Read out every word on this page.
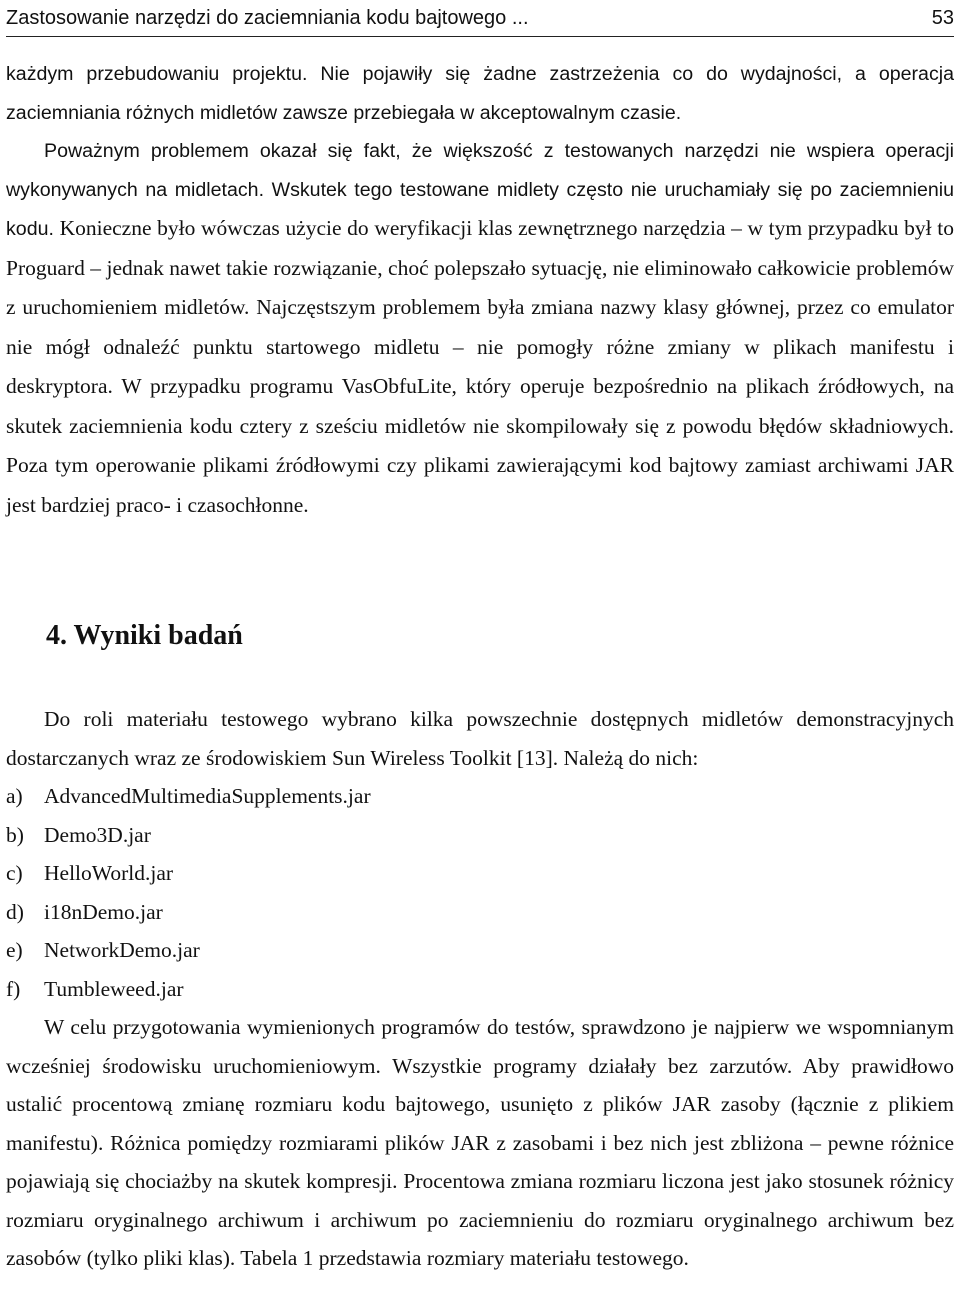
Zastosowanie narzędzi do zaciemniania kodu bajtowego ...	53

każdym przebudowaniu projektu. Nie pojawiły się żadne zastrzeżenia co do wydajności, a operacja zaciemniania różnych midletów zawsze przebiegała w akceptowalnym czasie.

Poważnym problemem okazał się fakt, że większość z testowanych narzędzi nie wspiera operacji wykonywanych na midletach. Wskutek tego testowane midlety często nie uruchamiały się po zaciemnieniu kodu. Konieczne było wówczas użycie do weryfikacji klas zewnętrznego narzędzia – w tym przypadku był to Proguard – jednak nawet takie rozwiązanie, choć polepszało sytuację, nie eliminowało całkowicie problemów z uruchomieniem midletów. Najczęstszym problemem była zmiana nazwy klasy głównej, przez co emulator nie mógł odnaleźć punktu startowego midletu – nie pomogły różne zmiany w plikach manifestu i deskryptora. W przypadku programu VasObfuLite, który operuje bezpośrednio na plikach źródłowych, na skutek zaciemnienia kodu cztery z sześciu midletów nie skompilowały się z powodu błędów składniowych. Poza tym operowanie plikami źródłowymi czy plikami zawierającymi kod bajtowy zamiast archiwami JAR jest bardziej praco- i czasochłonne.

4. Wyniki badań

Do roli materiału testowego wybrano kilka powszechnie dostępnych midletów demonstracyjnych dostarczanych wraz ze środowiskiem Sun Wireless Toolkit [13]. Należą do nich:

a) AdvancedMultimediaSupplements.jar
b) Demo3D.jar
c) HelloWorld.jar
d) i18nDemo.jar
e) NetworkDemo.jar
f)	Tumbleweed.jar

W celu przygotowania wymienionych programów do testów, sprawdzono je najpierw we wspomnianym wcześniej środowisku uruchomieniowym. Wszystkie programy działały bez zarzutów. Aby prawidłowo ustalić procentową zmianę rozmiaru kodu bajtowego, usunięto z plików JAR zasoby (łącznie z plikiem manifestu). Różnica pomiędzy rozmiarami plików JAR z zasobami i bez nich jest zbliżona – pewne różnice pojawiają się chociażby na skutek kompresji. Procentowa zmiana rozmiaru liczona jest jako stosunek różnicy rozmiaru oryginalnego archiwum i archiwum po zaciemnieniu do rozmiaru oryginalnego archiwum bez zasobów (tylko pliki klas). Tabela 1 przedstawia rozmiary materiału testowego.
